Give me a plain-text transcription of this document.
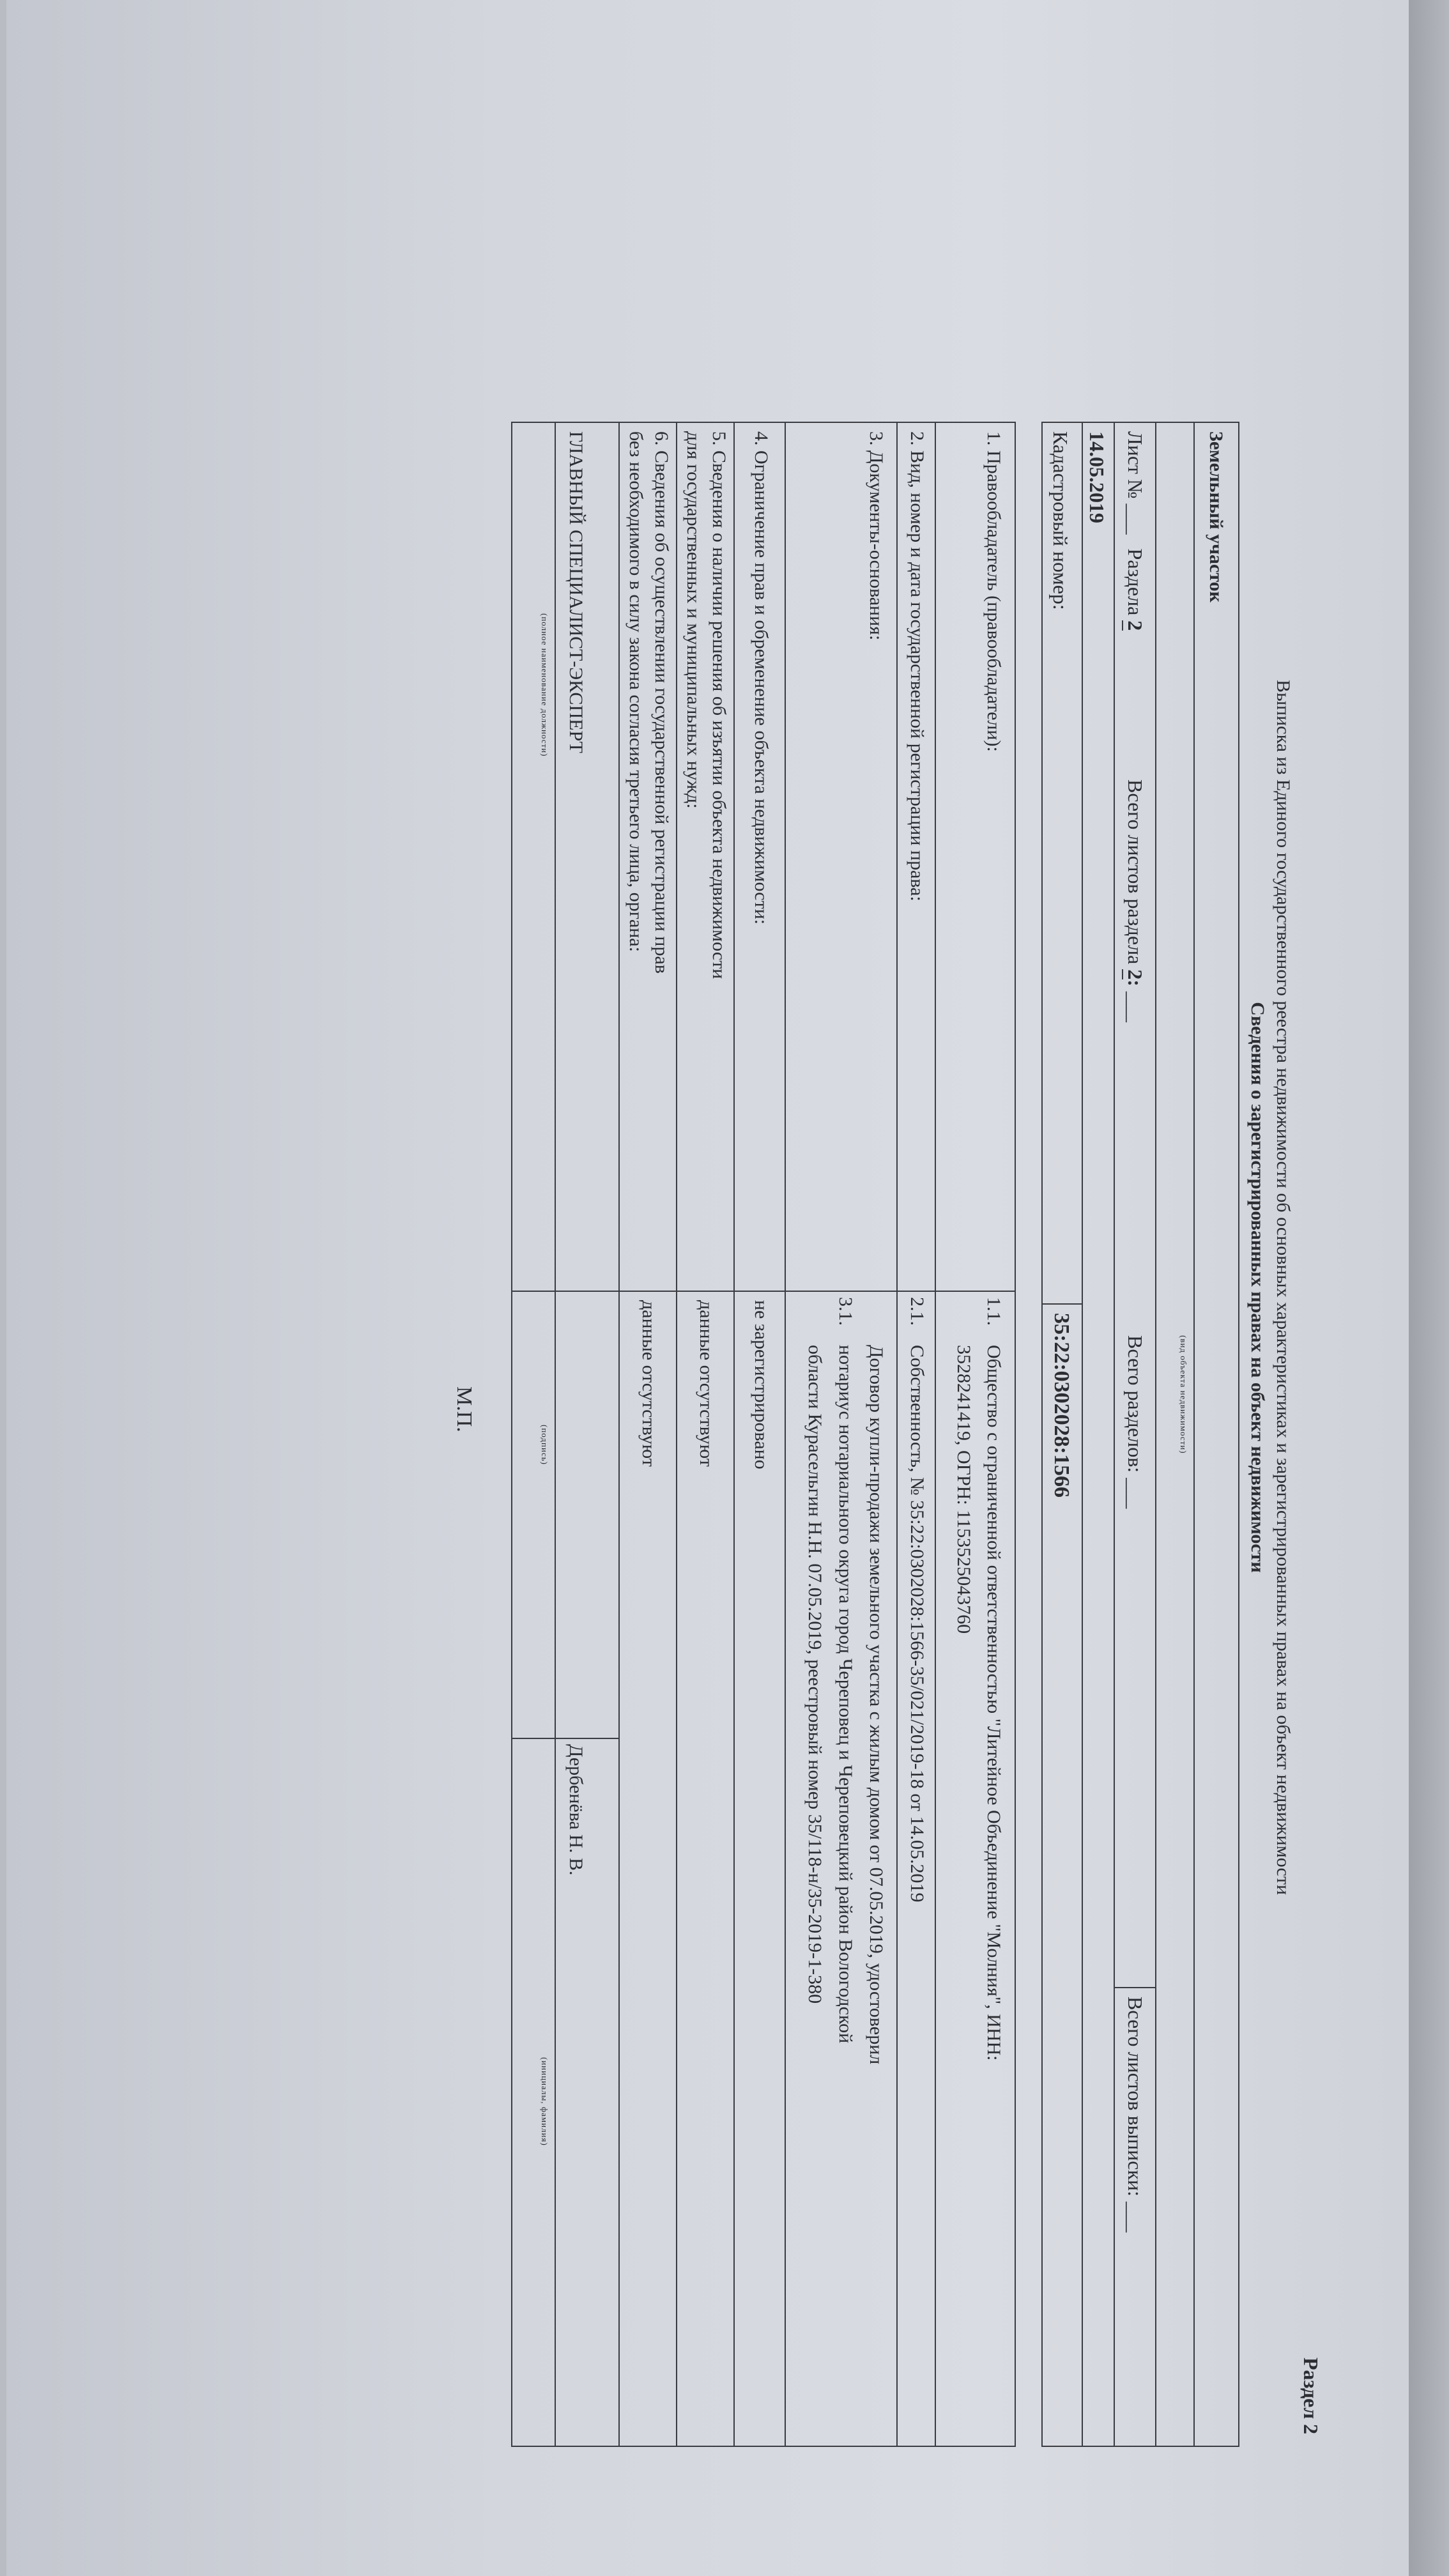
Раздел 2
Выписка из Единого государственного реестра недвижимости об основных характеристиках и зарегистрированных правах на объект недвижимости
Сведения о зарегистрированных правах на объект недвижимости
Земельный участок
(вид объекта недвижимости)
Лист № ___ Раздела 2
Всего листов раздела 2: ___
Всего разделов: ___
Всего листов выписки: ___
14.05.2019
Кадастровый номер:
35:22:0302028:1566
1. Правообладатель (правообладатели):
1.1.
Общество с ограниченной ответственностью "Литейное Объединение "Молния", ИНН:
3528241419, ОГРН: 1153525043760
2. Вид, номер и дата государственной регистрации права:
2.1.
Собственность, № 35:22:0302028:1566-35/021/2019-18 от 14.05.2019
3. Документы-основания:
3.1.
Договор купли-продажи земельного участка с жилым домом от 07.05.2019, удостоверил
нотариус нотариального округа город Череповец и Череповецкий район Вологодской
области Курасельгин Н.Н. 07.05.2019, реестровый номер 35/118-н/35-2019-1-380
4. Ограничение прав и обременение объекта недвижимости:
не зарегистрировано
5. Сведения о наличии решения об изъятии объекта недвижимости
для государственных и муниципальных нужд:
данные отсутствуют
6. Сведения об осуществлении государственной регистрации прав
без необходимого в силу закона согласия третьего лица, органа:
данные отсутствуют
ГЛАВНЫЙ СПЕЦИАЛИСТ-ЭКСПЕРТ
(полное наименование должности)
(подпись)
Дербенёва Н. В.
(инициалы, фамилия)
М.П.
